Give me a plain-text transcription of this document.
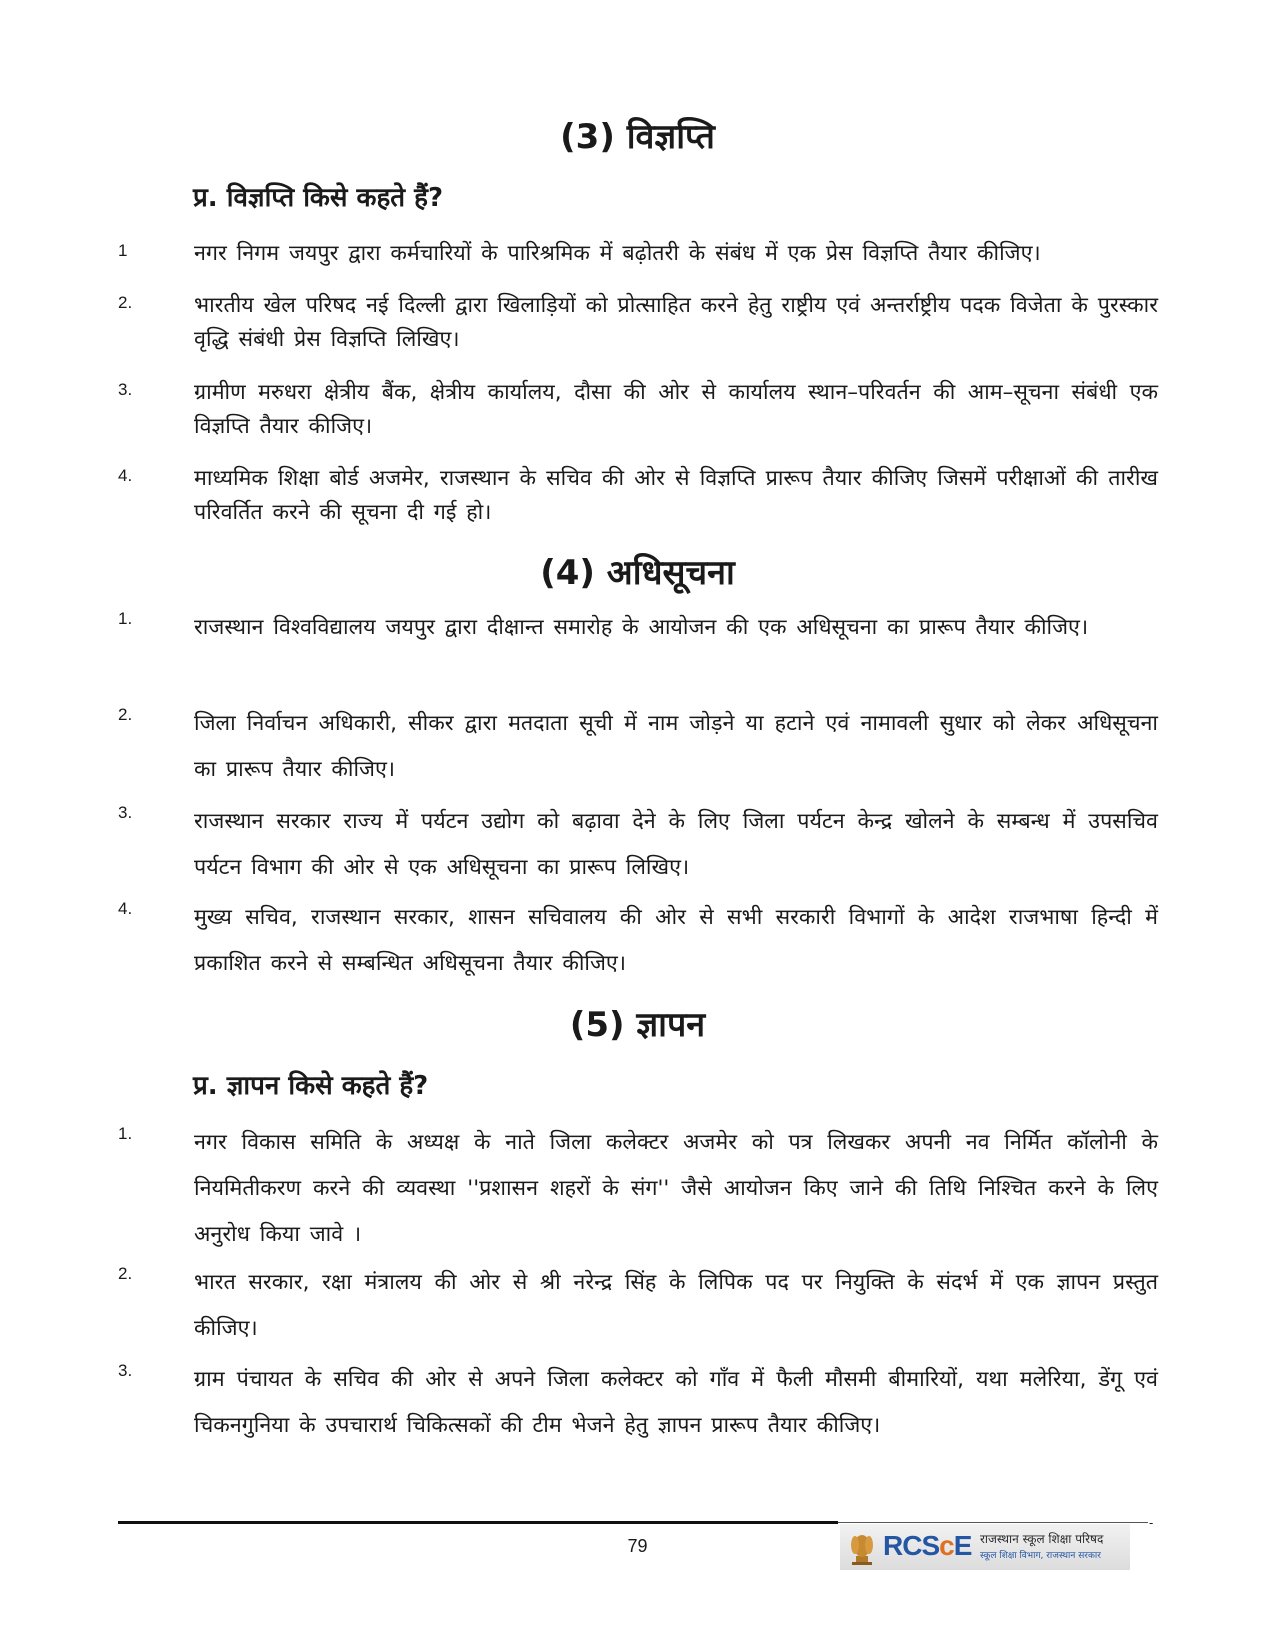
(3) विज्ञप्ति
प्र. विज्ञप्ति किसे कहते हैं?
1	नगर निगम जयपुर द्वारा कर्मचारियों के पारिश्रमिक में बढ़ोतरी के संबंध में एक प्रेस विज्ञप्ति तैयार कीजिए।
2.	भारतीय खेल परिषद नई दिल्ली द्वारा खिलाड़ियों को प्रोत्साहित करने हेतु राष्ट्रीय एवं अन्तर्राष्ट्रीय पदक विजेता के पुरस्कार वृद्धि संबंधी प्रेस विज्ञप्ति लिखिए।
3.	ग्रामीण मरुधरा क्षेत्रीय बैंक, क्षेत्रीय कार्यालय, दौसा की ओर से कार्यालय स्थान–परिवर्तन की आम–सूचना संबंधी एक विज्ञप्ति तैयार कीजिए।
4.	माध्यमिक शिक्षा बोर्ड अजमेर, राजस्थान के सचिव की ओर से विज्ञप्ति प्रारूप तैयार कीजिए जिसमें परीक्षाओं की तारीख परिवर्तित करने की सूचना दी गई हो।
(4) अधिसूचना
1.	राजस्थान विश्वविद्यालय जयपुर द्वारा दीक्षान्त समारोह के आयोजन की एक अधिसूचना का प्रारूप तैयार कीजिए।
2.	जिला निर्वाचन अधिकारी, सीकर द्वारा मतदाता सूची में नाम जोड़ने या हटाने एवं नामावली सुधार को लेकर अधिसूचना का प्रारूप तैयार कीजिए।
3.	राजस्थान सरकार राज्य में पर्यटन उद्योग को बढ़ावा देने के लिए जिला पर्यटन केन्द्र खोलने के सम्बन्ध में उपसचिव पर्यटन विभाग की ओर से एक अधिसूचना का प्रारूप लिखिए।
4.	मुख्य सचिव, राजस्थान सरकार, शासन सचिवालय की ओर से सभी सरकारी विभागों के आदेश राजभाषा हिन्दी में प्रकाशित करने से सम्बन्धित अधिसूचना तैयार कीजिए।
(5) ज्ञापन
प्र. ज्ञापन किसे कहते हैं?
1.	नगर विकास समिति के अध्यक्ष के नाते जिला कलेक्टर अजमेर को पत्र लिखकर अपनी नव निर्मित कॉलोनी के नियमितीकरण करने की व्यवस्था ''प्रशासन शहरों के संग'' जैसे आयोजन किए जाने की तिथि निश्चित करने के लिए अनुरोध किया जावे ।
2.	भारत सरकार, रक्षा मंत्रालय की ओर से श्री नरेन्द्र सिंह के लिपिक पद पर नियुक्ति के संदर्भ में एक ज्ञापन प्रस्तुत कीजिए।
3.	ग्राम पंचायत के सचिव की ओर से अपने जिला कलेक्टर को गाँव में फैली मौसमी बीमारियों, यथा मलेरिया, डेंगू एवं चिकनगुनिया के उपचारार्थ चिकित्सकों की टीम भेजने हेतु ज्ञापन प्रारूप तैयार कीजिए।
-
79	RCScE राजस्थान स्कूल शिक्षा परिषद
स्कूल शिक्षा विभाग, राजस्थान सरकार
